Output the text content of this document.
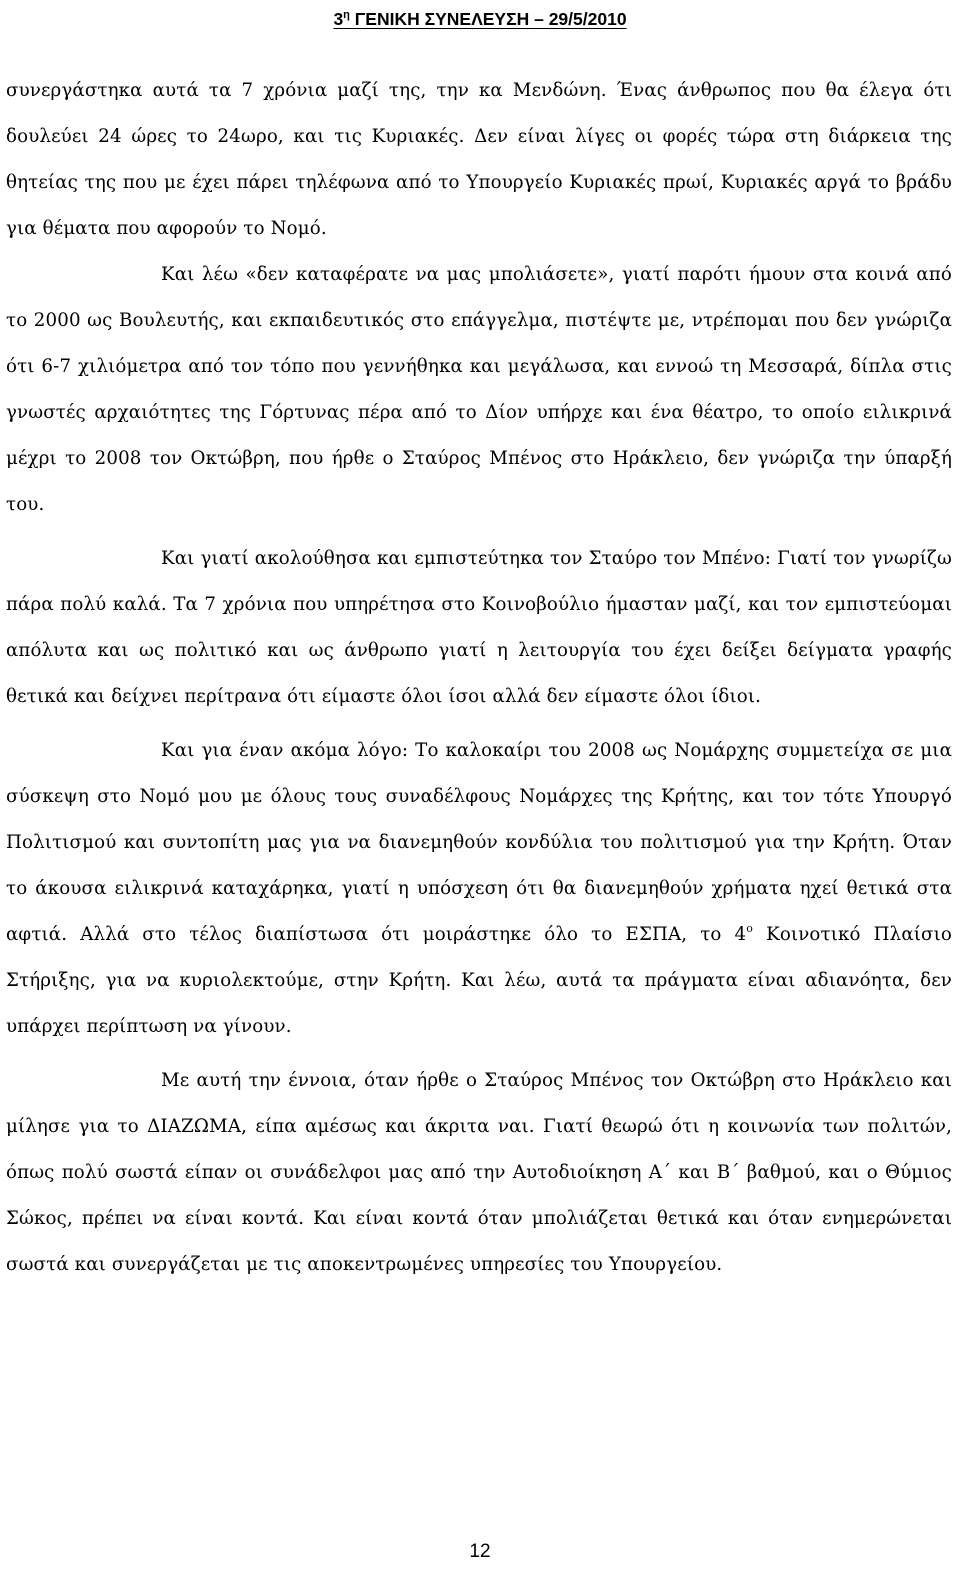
$3^\eta$ ΓΕΝΙΚΗ ΣΥΝΕΛΕΥΣΗ – 29/5/2010

συνεργάστηκα αυτά τα 7 χρόνια μαζί της, την κα Μενδώνη. Ένας άνθρωπος που θα έλεγα ότι δουλεύει 24 ώρες το 24ωρο, και τις Κυριακές. Δεν είναι λίγες οι φορές τώρα στη διάρκεια της θητείας της που με έχει πάρει τηλέφωνα από το Υπουργείο Κυριακές πρωί, Κυριακές αργά το βράδυ για θέματα που αφορούν το Νομό.

Και λέω «δεν καταφέρατε να μας μπολιάσετε», γιατί παρότι ήμουν στα κοινά από το 2000 ως Βουλευτής, και εκπαιδευτικός στο επάγγελμα, πιστέψτε με, ντρέπομαι που δεν γνώριζα ότι 6-7 χιλιόμετρα από τον τόπο που γεννήθηκα και μεγάλωσα, και εννοώ τη Μεσσαρά, δίπλα στις γνωστές αρχαιότητες της Γόρτυνας πέρα από το Δίον υπήρχε και ένα θέατρο, το οποίο ειλικρινά μέχρι το 2008 τον Οκτώβρη, που ήρθε ο Σταύρος Μπένος στο Ηράκλειο, δεν γνώριζα την ύπαρξή του.

Και γιατί ακολούθησα και εμπιστεύτηκα τον Σταύρο τον Μπένο: Γιατί τον γνωρίζω πάρα πολύ καλά. Τα 7 χρόνια που υπηρέτησα στο Κοινοβούλιο ήμασταν μαζί, και τον εμπιστεύομαι απόλυτα και ως πολιτικό και ως άνθρωπο γιατί η λειτουργία του έχει δείξει δείγματα γραφής θετικά και δείχνει περίτρανα ότι είμαστε όλοι ίσοι αλλά δεν είμαστε όλοι ίδιοι.

Και για έναν ακόμα λόγο: Το καλοκαίρι του 2008 ως Νομάρχης συμμετείχα σε μια σύσκεψη στο Νομό μου με όλους τους συναδέλφους Νομάρχες της Κρήτης, και τον τότε Υπουργό Πολιτισμού και συντοπίτη μας για να διανεμηθούν κονδύλια του πολιτισμού για την Κρήτη. Όταν το άκουσα ειλικρινά καταχάρηκα, γιατί η υπόσχεση ότι θα διανεμηθούν χρήματα ηχεί θετικά στα αφτιά. Αλλά στο τέλος διαπίστωσα ότι μοιράστηκε όλο το ΕΣΠΑ, το $4^o$ Κοινοτικό Πλαίσιο Στήριξης, για να κυριολεκτούμε, στην Κρήτη. Και λέω, αυτά τα πράγματα είναι αδιανόητα, δεν υπάρχει περίπτωση να γίνουν.

Με αυτή την έννοια, όταν ήρθε ο Σταύρος Μπένος τον Οκτώβρη στο Ηράκλειο και μίλησε για το ΔΙΑΖΩΜΑ, είπα αμέσως και άκριτα ναι. Γιατί θεωρώ ότι η κοινωνία των πολιτών, όπως πολύ σωστά είπαν οι συνάδελφοι μας από την Αυτοδιοίκηση Α΄ και Β΄ βαθμού, και ο Θύμιος Σώκος, πρέπει να είναι κοντά. Και είναι κοντά όταν μπολιάζεται θετικά και όταν ενημερώνεται σωστά και συνεργάζεται με τις αποκεντρωμένες υπηρεσίες του Υπουργείου.

12
